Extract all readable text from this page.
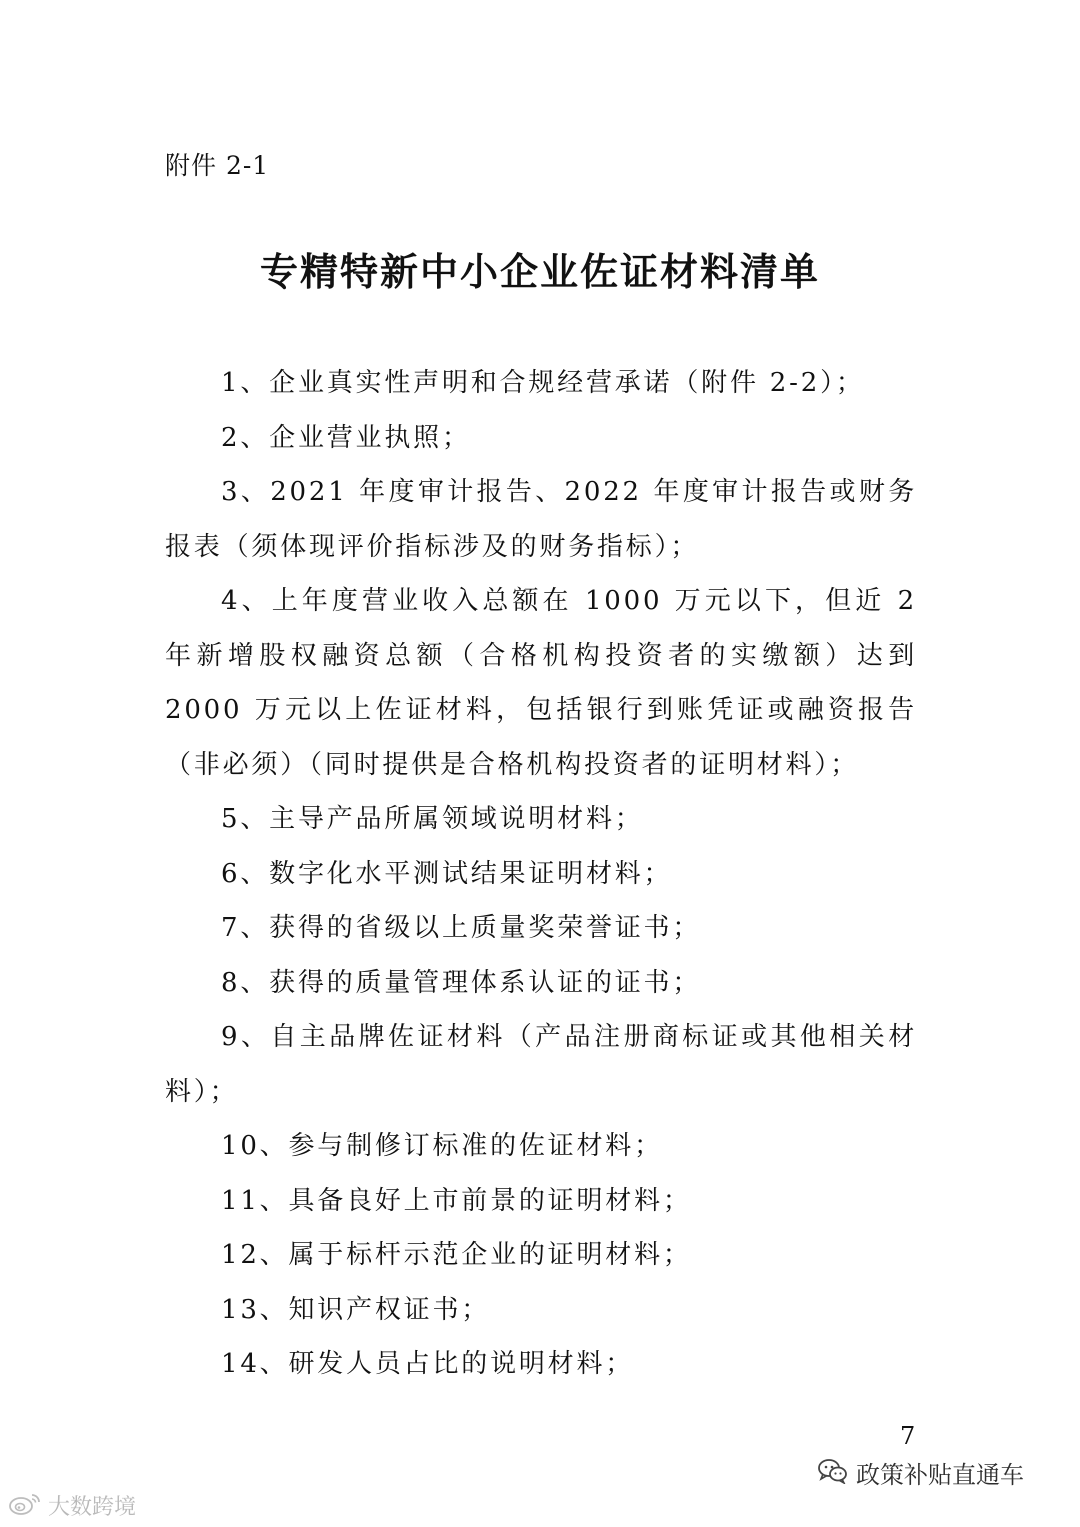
附件 2-1
专精特新中小企业佐证材料清单

1、企业真实性声明和合规经营承诺（附件 2-2）；

2、企业营业执照；

3、2021 年度审计报告、2022 年度审计报告或财务报表（须体现评价指标涉及的财务指标）；

4、上年度营业收入总额在 1000 万元以下，但近 2 年新增股权融资总额（合格机构投资者的实缴额）达到 2000 万元以上佐证材料，包括银行到账凭证或融资报告（非必须）（同时提供是合格机构投资者的证明材料）；

5、主导产品所属领域说明材料；

6、数字化水平测试结果证明材料；

7、获得的省级以上质量奖荣誉证书；

8、获得的质量管理体系认证的证书；

9、自主品牌佐证材料（产品注册商标证或其他相关材料）；

10、参与制修订标准的佐证材料；

11、具备良好上市前景的证明材料；

12、属于标杆示范企业的证明材料；

13、知识产权证书；

14、研发人员占比的说明材料；

7
政策补贴直通车
大数跨境
